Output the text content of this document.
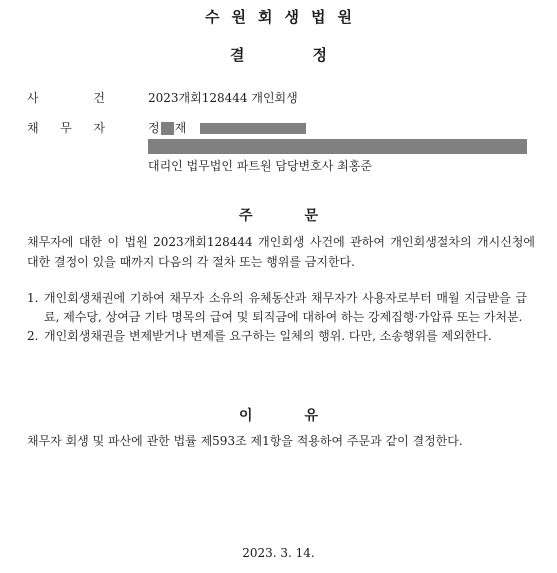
수원회생법원
결정
사	건	2023개회128444 개인회생
채 무 자	정 재
대리인 법무법인 파트원 담당변호사 최홍준
주문
채무자에 대한 이 법원 2023개회128444 개인회생 사건에 관하여 개인회생절차의 개시신청에 대한 결정이 있을 때까지 다음의 각 절차 또는 행위를 금지한다.
1. 개인회생채권에 기하여 채무자 소유의 유체동산과 채무자가 사용자로부터 매월 지급받을 급료, 제수당, 상여금 기타 명목의 급여 및 퇴직금에 대하여 하는 강제집행·가압류 또는 가처분.
2. 개인회생채권을 변제받거나 변제를 요구하는 일체의 행위. 다만, 소송행위를 제외한다.
이유
채무자 회생 및 파산에 관한 법률 제593조 제1항을 적용하여 주문과 같이 결정한다.
2023. 3. 14.
